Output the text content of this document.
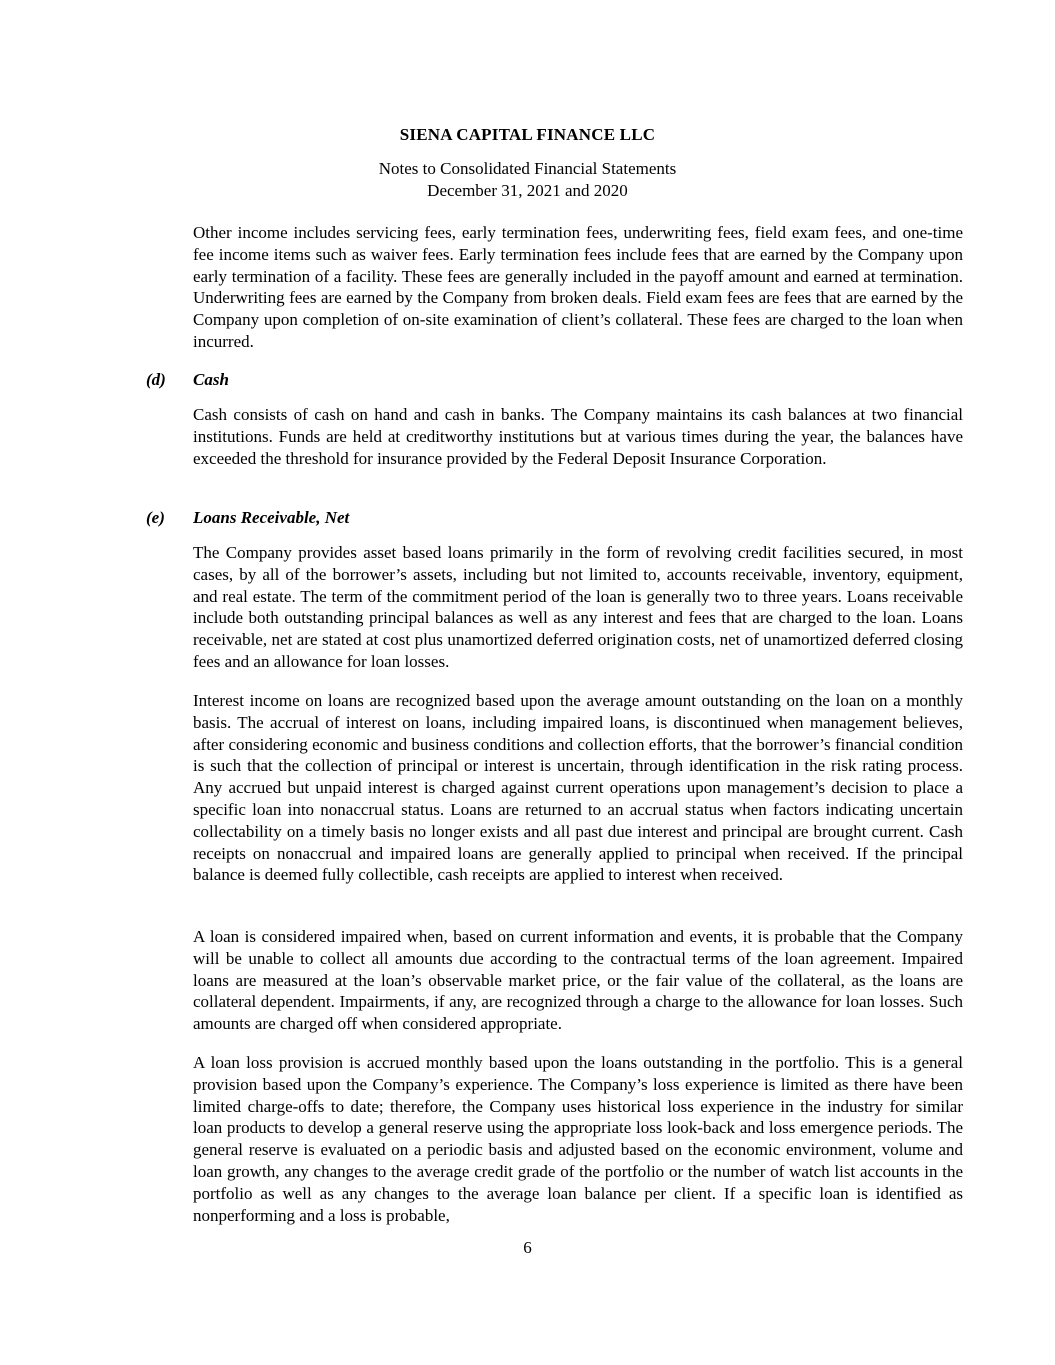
SIENA CAPITAL FINANCE LLC
Notes to Consolidated Financial Statements
December 31, 2021 and 2020

Other income includes servicing fees, early termination fees, underwriting fees, field exam fees, and one-time fee income items such as waiver fees. Early termination fees include fees that are earned by the Company upon early termination of a facility. These fees are generally included in the payoff amount and earned at termination. Underwriting fees are earned by the Company from broken deals. Field exam fees are fees that are earned by the Company upon completion of on-site examination of client’s collateral. These fees are charged to the loan when incurred.

(d) Cash

Cash consists of cash on hand and cash in banks. The Company maintains its cash balances at two financial institutions. Funds are held at creditworthy institutions but at various times during the year, the balances have exceeded the threshold for insurance provided by the Federal Deposit Insurance Corporation.

(e) Loans Receivable, Net

The Company provides asset based loans primarily in the form of revolving credit facilities secured, in most cases, by all of the borrower’s assets, including but not limited to, accounts receivable, inventory, equipment, and real estate. The term of the commitment period of the loan is generally two to three years. Loans receivable include both outstanding principal balances as well as any interest and fees that are charged to the loan. Loans receivable, net are stated at cost plus unamortized deferred origination costs, net of unamortized deferred closing fees and an allowance for loan losses.

Interest income on loans are recognized based upon the average amount outstanding on the loan on a monthly basis. The accrual of interest on loans, including impaired loans, is discontinued when management believes, after considering economic and business conditions and collection efforts, that the borrower’s financial condition is such that the collection of principal or interest is uncertain, through identification in the risk rating process. Any accrued but unpaid interest is charged against current operations upon management’s decision to place a specific loan into nonaccrual status. Loans are returned to an accrual status when factors indicating uncertain collectability on a timely basis no longer exists and all past due interest and principal are brought current. Cash receipts on nonaccrual and impaired loans are generally applied to principal when received. If the principal balance is deemed fully collectible, cash receipts are applied to interest when received.

A loan is considered impaired when, based on current information and events, it is probable that the Company will be unable to collect all amounts due according to the contractual terms of the loan agreement. Impaired loans are measured at the loan’s observable market price, or the fair value of the collateral, as the loans are collateral dependent. Impairments, if any, are recognized through a charge to the allowance for loan losses. Such amounts are charged off when considered appropriate.

A loan loss provision is accrued monthly based upon the loans outstanding in the portfolio. This is a general provision based upon the Company’s experience. The Company’s loss experience is limited as there have been limited charge-offs to date; therefore, the Company uses historical loss experience in the industry for similar loan products to develop a general reserve using the appropriate loss look-back and loss emergence periods. The general reserve is evaluated on a periodic basis and adjusted based on the economic environment, volume and loan growth, any changes to the average credit grade of the portfolio or the number of watch list accounts in the portfolio as well as any changes to the average loan balance per client. If a specific loan is identified as nonperforming and a loss is probable,

6
